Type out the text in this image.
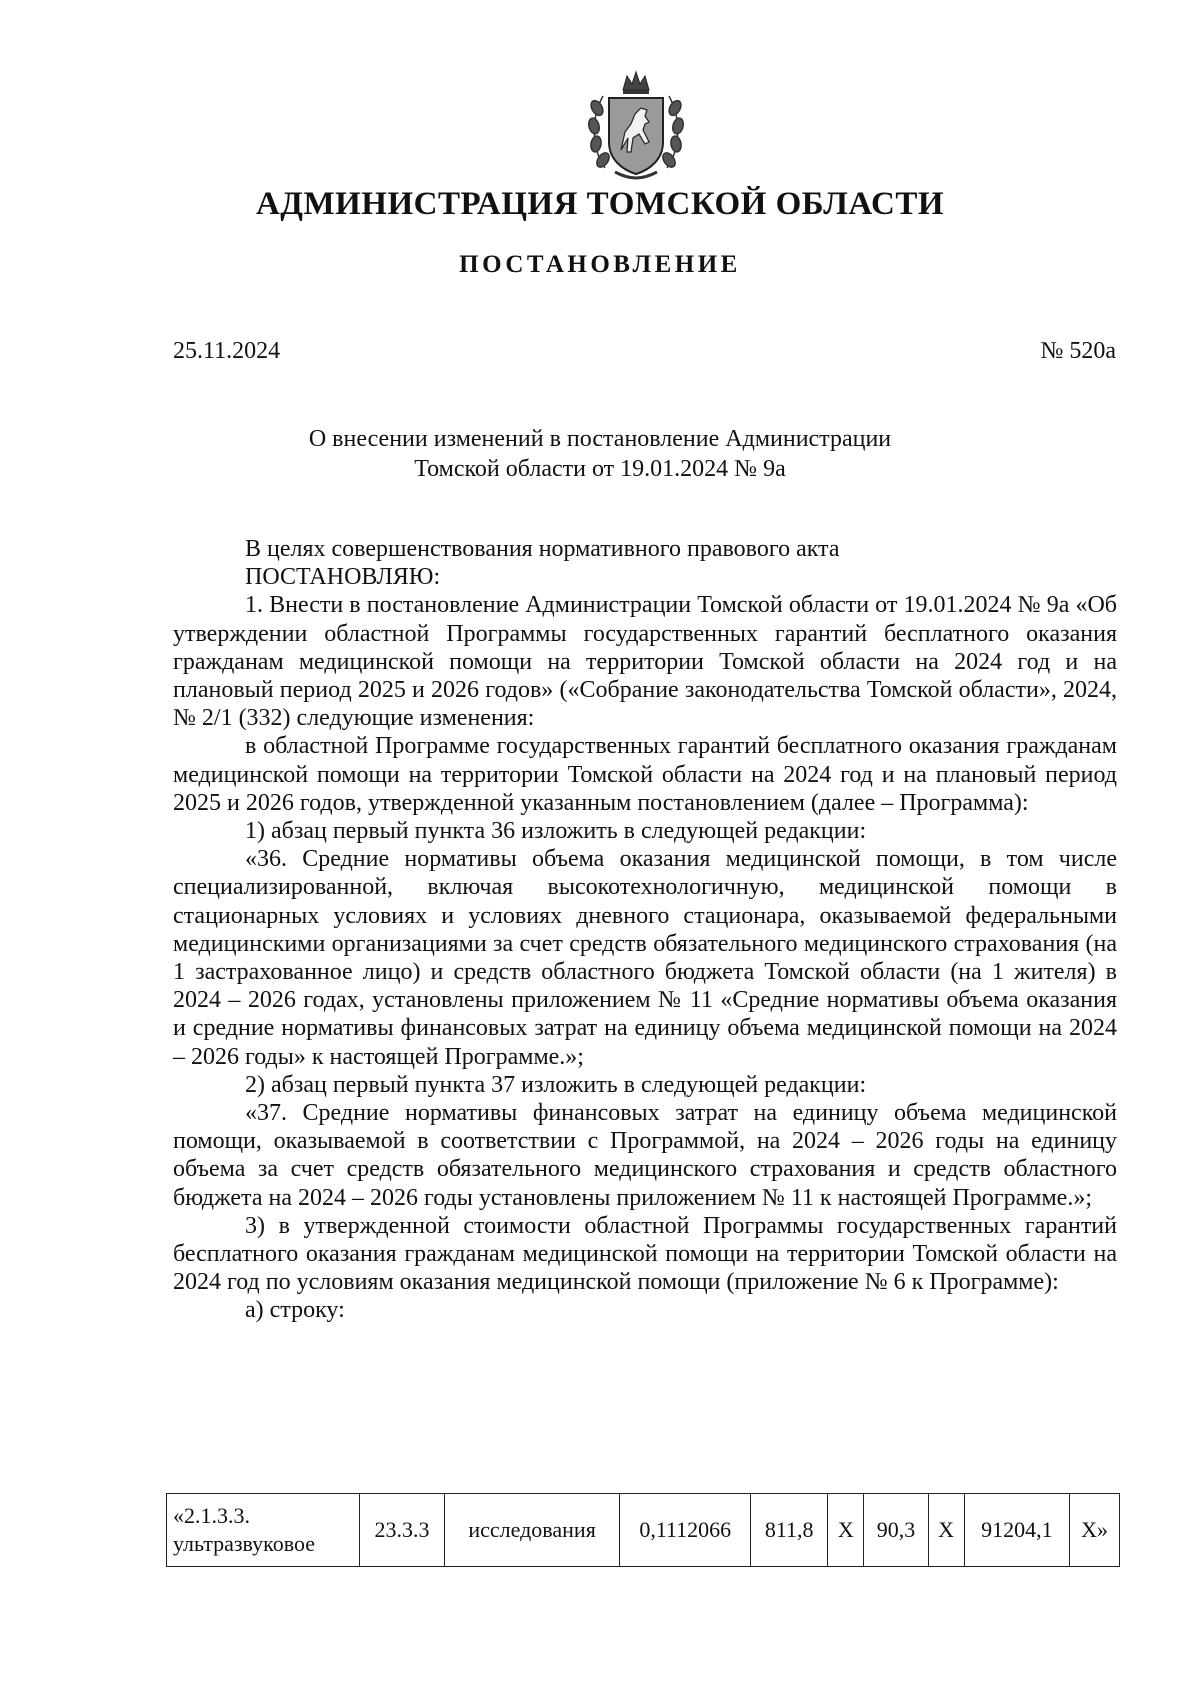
АДМИНИСТРАЦИЯ ТОМСКОЙ ОБЛАСТИ
ПОСТАНОВЛЕНИЕ
25.11.2024	№ 520а
О внесении изменений в постановление Администрации
Томской области от 19.01.2024 № 9а

В целях совершенствования нормативного правового акта

ПОСТАНОВЛЯЮ:

1. Внести в постановление Администрации Томской области от 19.01.2024 № 9а «Об утверждении областной Программы государственных гарантий бесплатного оказания гражданам медицинской помощи на территории Томской области на 2024 год и на плановый период 2025 и 2026 годов» («Собрание законодательства Томской области», 2024, № 2/1 (332) следующие изменения:

в областной Программе государственных гарантий бесплатного оказания гражданам медицинской помощи на территории Томской области на 2024 год и на плановый период 2025 и 2026 годов, утвержденной указанным постановлением (далее – Программа):

1) абзац первый пункта 36 изложить в следующей редакции:

«36. Средние нормативы объема оказания медицинской помощи, в том числе специализированной, включая высокотехнологичную, медицинской помощи в стационарных условиях и условиях дневного стационара, оказываемой федеральными медицинскими организациями за счет средств обязательного медицинского страхования (на 1 застрахованное лицо) и средств областного бюджета Томской области (на 1 жителя) в 2024 – 2026 годах, установлены приложением № 11 «Средние нормативы объема оказания и средние нормативы финансовых затрат на единицу объема медицинской помощи на 2024 – 2026 годы» к настоящей Программе.»;

2) абзац первый пункта 37 изложить в следующей редакции:

«37. Средние нормативы финансовых затрат на единицу объема медицинской помощи, оказываемой в соответствии с Программой, на 2024 – 2026 годы на единицу объема за счет средств обязательного медицинского страхования и средств областного бюджета на 2024 – 2026 годы установлены приложением № 11 к настоящей Программе.»;

3) в утвержденной стоимости областной Программы государственных гарантий бесплатного оказания гражданам медицинской помощи на территории Томской области на 2024 год по условиям оказания медицинской помощи (приложение № 6 к Программе):

а) строку:

«2.1.3.3.
ультразвуковое
	23.3.3	исследования	0,1112066	811,8	Х	90,3	Х	91204,1	Х»
